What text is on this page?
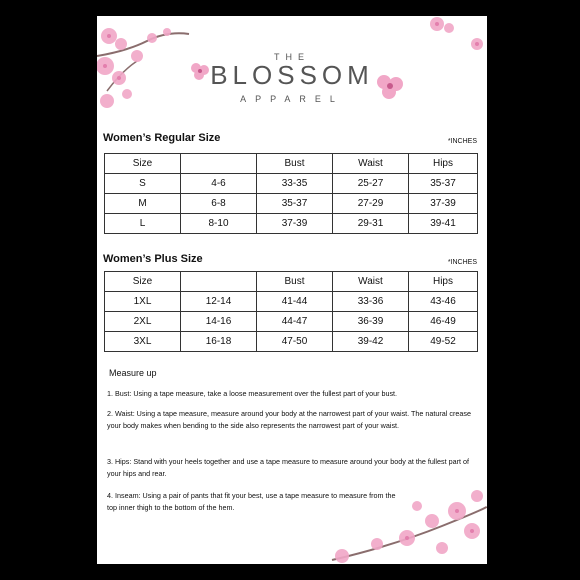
THE
BLOSSOM
APPAREL
Women’s Regular Size	*INCHES
Size		Bust	Waist	Hips
S	4-6	33-35	25-27	35-37
M	6-8	35-37	27-29	37-39
L	8-10	37-39	29-31	39-41
Women’s Plus Size	*INCHES
Size		Bust	Waist	Hips
1XL	12-14	41-44	33-36	43-46
2XL	14-16	44-47	36-39	46-49
3XL	16-18	47-50	39-42	49-52
Measure up
1. Bust: Using a tape measure, take a loose measurement over the fullest part of your bust.
2. Waist: Using a tape measure, measure around your body at the narrowest part of your waist. The natural crease your body makes when bending to the side also represents the narrowest part of your waist.
3. Hips: Stand with your heels together and use a tape measure to measure around your body at the fullest part of your hips and rear.
4. Inseam: Using a pair of pants that fit your best, use a tape measure to measure from the top inner thigh to the bottom of the hem.
